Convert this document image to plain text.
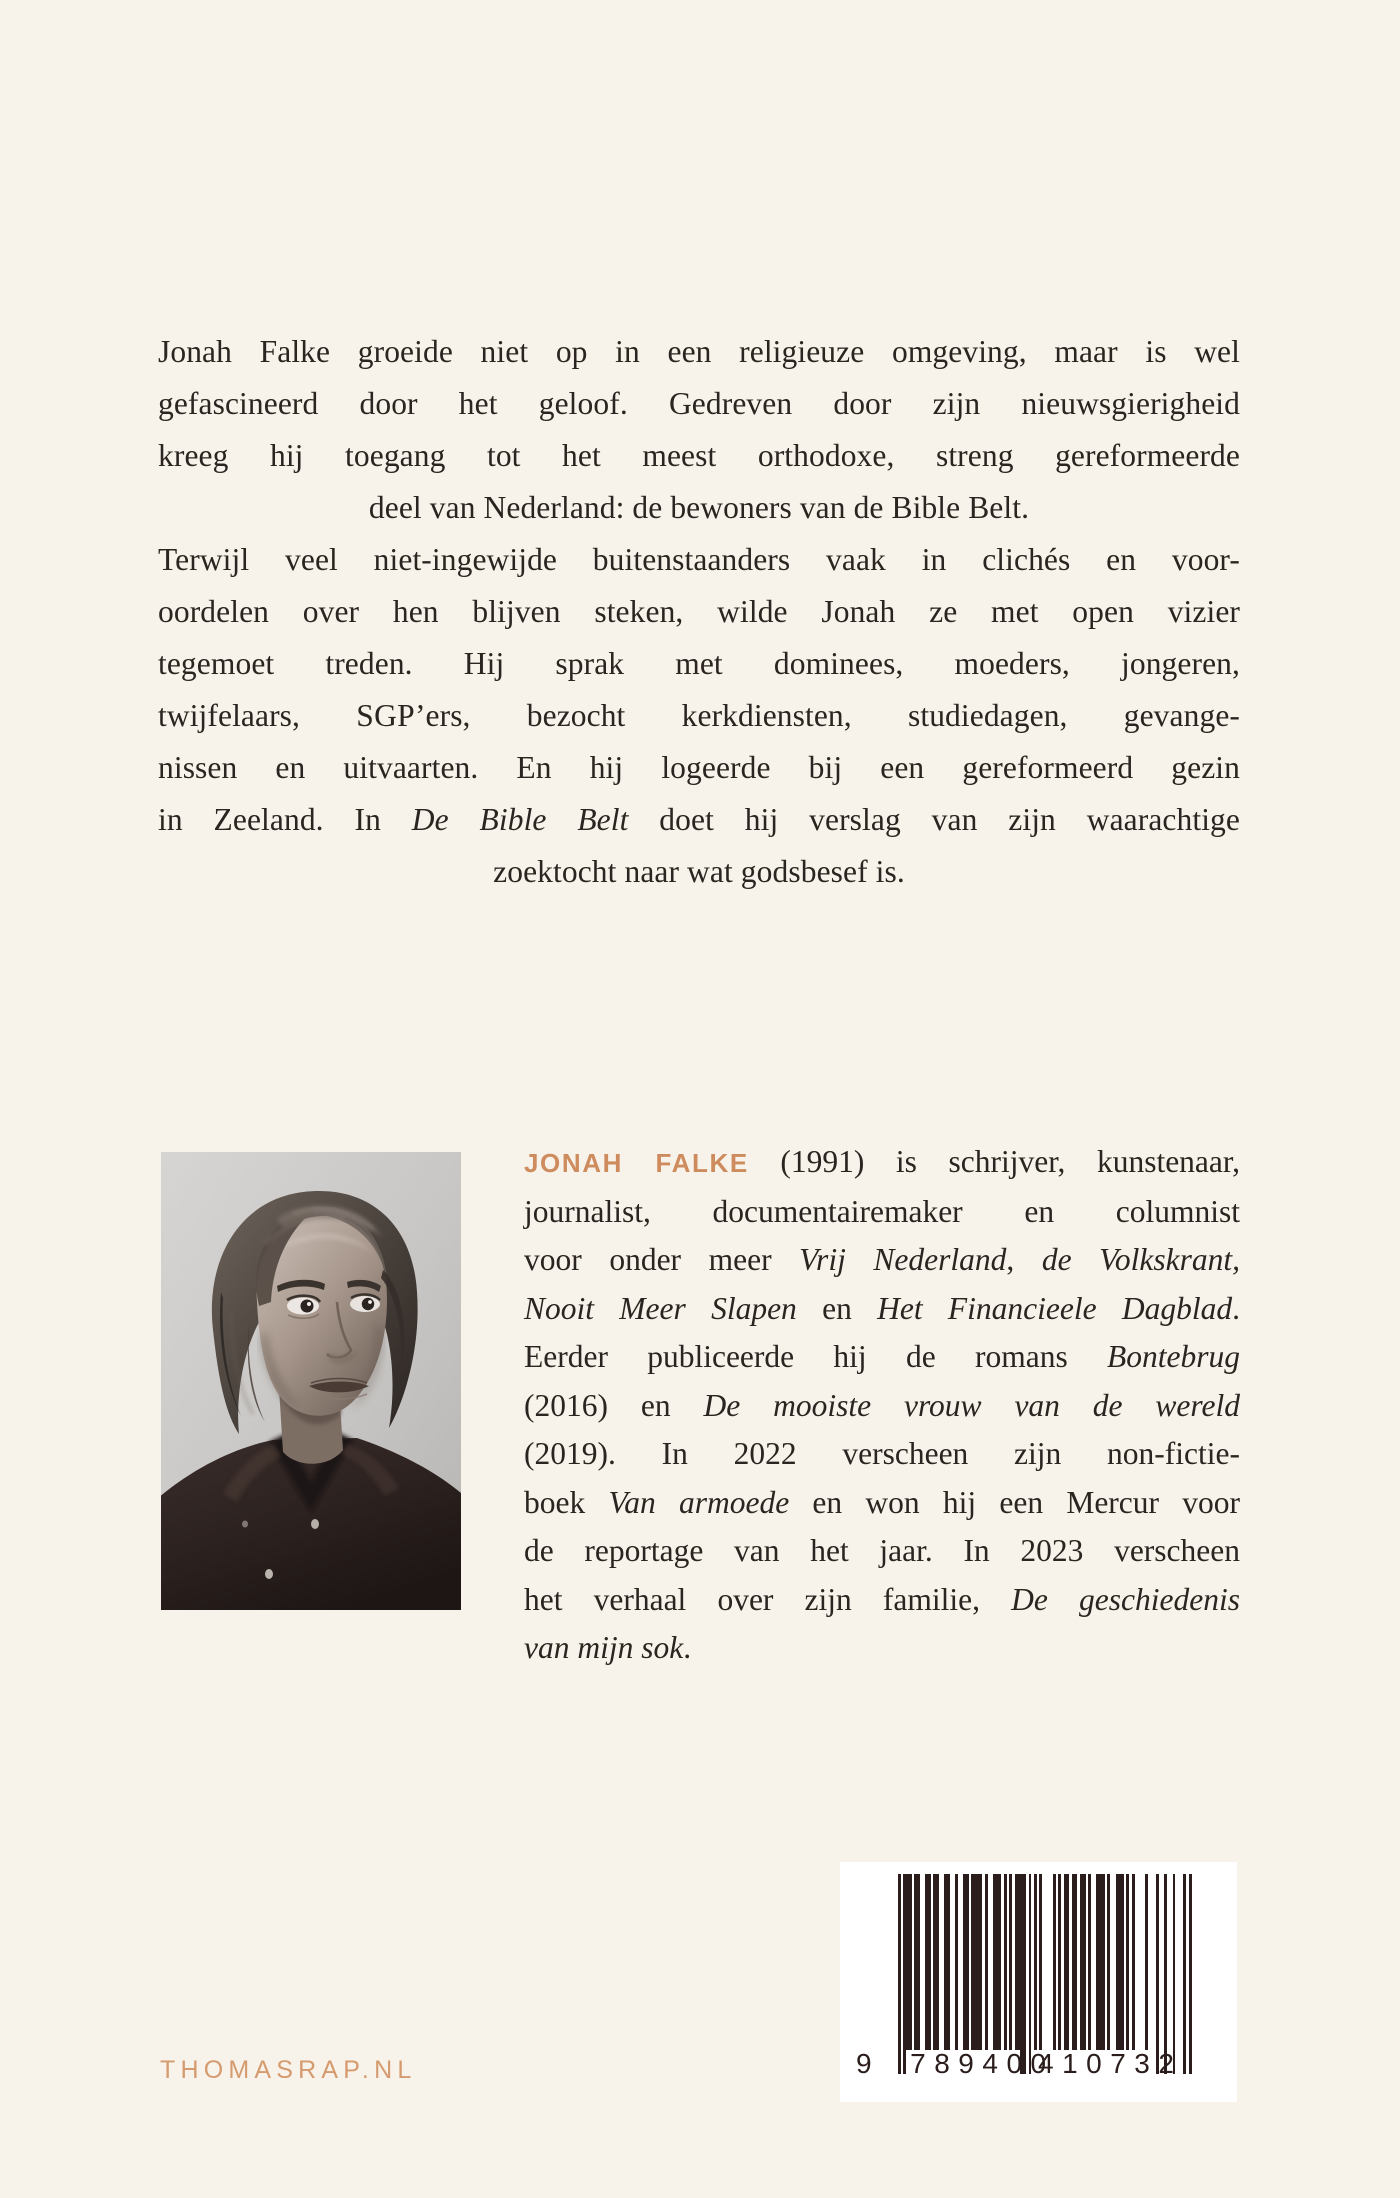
Jonah Falke groeide niet op in een religieuze omgeving, maar is wel
gefascineerd door het geloof. Gedreven door zijn nieuwsgierigheid
kreeg hij toegang tot het meest orthodoxe, streng gereformeerde
deel van Nederland: de bewoners van de Bible Belt.

Terwijl veel niet-ingewijde buitenstaanders vaak in clichés en voor-
oordelen over hen blijven steken, wilde Jonah ze met open vizier
tegemoet treden. Hij sprak met dominees, moeders, jongeren,
twijfelaars, SGP’ers, bezocht kerkdiensten, studiedagen, gevange-
nissen en uitvaarten. En hij logeerde bij een gereformeerd gezin
in Zeeland. In De Bible Belt doet hij verslag van zijn waarachtige
zoektocht naar wat godsbesef is.

JONAH FALKE (1991) is schrijver, kunstenaar,
journalist, documentairemaker en columnist
voor onder meer Vrij Nederland, de Volkskrant,
Nooit Meer Slapen en Het Financieele Dagblad.
Eerder publiceerde hij de romans Bontebrug
(2016) en De mooiste vrouw van de wereld
(2019). In 2022 verscheen zijn non-fictie-
boek Van armoede en won hij een Mercur voor
de reportage van het jaar. In 2023 verscheen
het verhaal over zijn familie, De geschiedenis
van mijn sok.

THOMASRAP.NL	9 789400
410732
